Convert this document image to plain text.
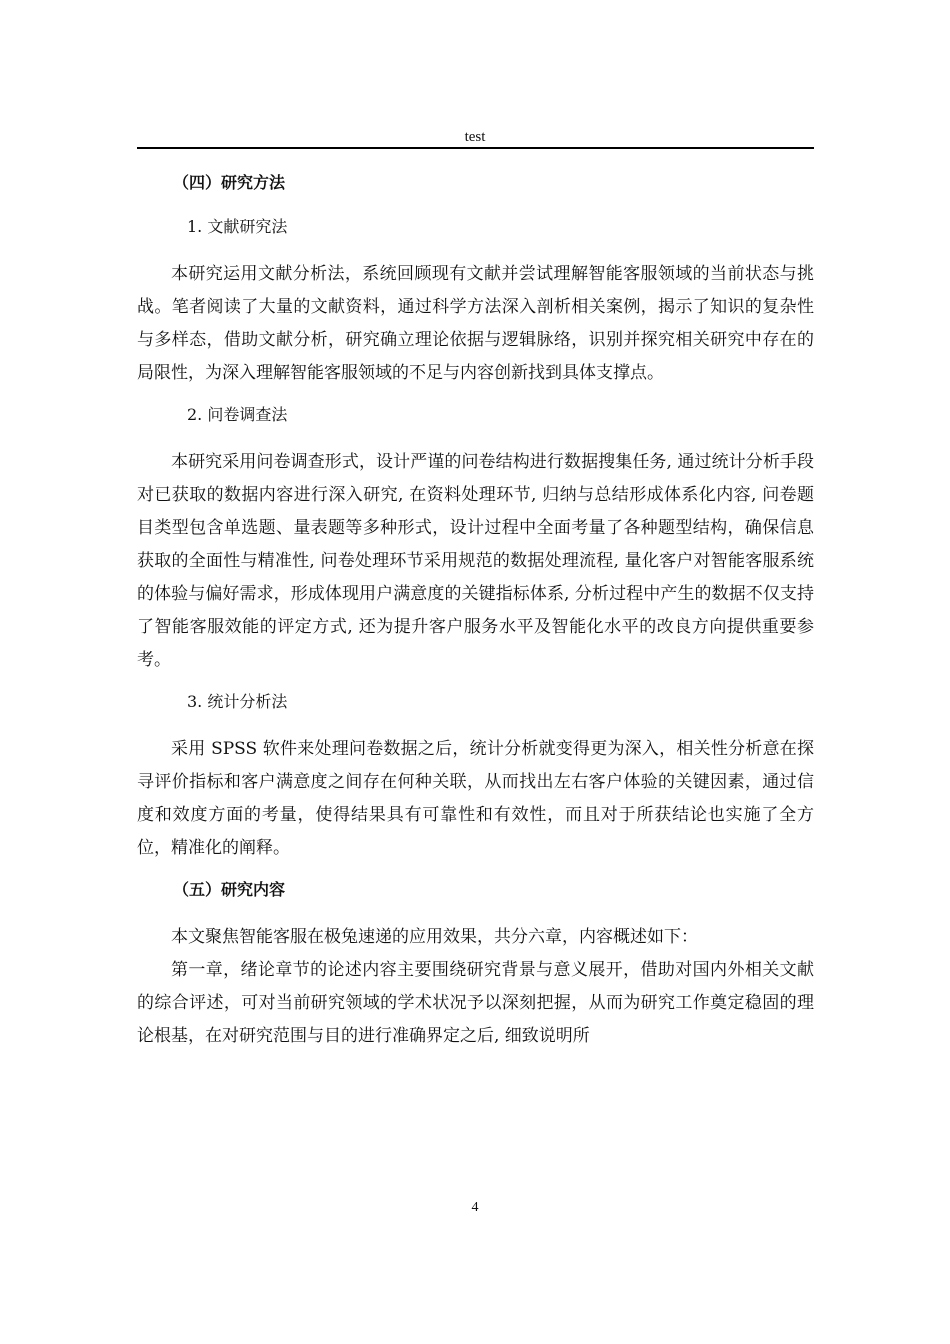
test
（四）研究方法
1. 文献研究法

本研究运用文献分析法，系统回顾现有文献并尝试理解智能客服领域的当前状态与挑战。笔者阅读了大量的文献资料，通过科学方法深入剖析相关案例，揭示了知识的复杂性与多样态，借助文献分析，研究确立理论依据与逻辑脉络，识别并探究相关研究中存在的局限性，为深入理解智能客服领域的不足与内容创新找到具体支撑点。

2. 问卷调查法

本研究采用问卷调查形式，设计严谨的问卷结构进行数据搜集任务, 通过统计分析手段对已获取的数据内容进行深入研究, 在资料处理环节, 归纳与总结形成体系化内容, 问卷题目类型包含单选题、量表题等多种形式，设计过程中全面考量了各种题型结构，确保信息获取的全面性与精准性, 问卷处理环节采用规范的数据处理流程, 量化客户对智能客服系统的体验与偏好需求，形成体现用户满意度的关键指标体系, 分析过程中产生的数据不仅支持了智能客服效能的评定方式, 还为提升客户服务水平及智能化水平的改良方向提供重要参考。

3. 统计分析法

采用 SPSS 软件来处理问卷数据之后，统计分析就变得更为深入，相关性分析意在探寻评价指标和客户满意度之间存在何种关联，从而找出左右客户体验的关键因素，通过信度和效度方面的考量，使得结果具有可靠性和有效性，而且对于所获结论也实施了全方位，精准化的阐释。

（五）研究内容

本文聚焦智能客服在极兔速递的应用效果，共分六章，内容概述如下：

第一章，绪论章节的论述内容主要围绕研究背景与意义展开，借助对国内外相关文献的综合评述，可对当前研究领域的学术状况予以深刻把握，从而为研究工作奠定稳固的理论根基，在对研究范围与目的进行准确界定之后, 细致说明所

4
